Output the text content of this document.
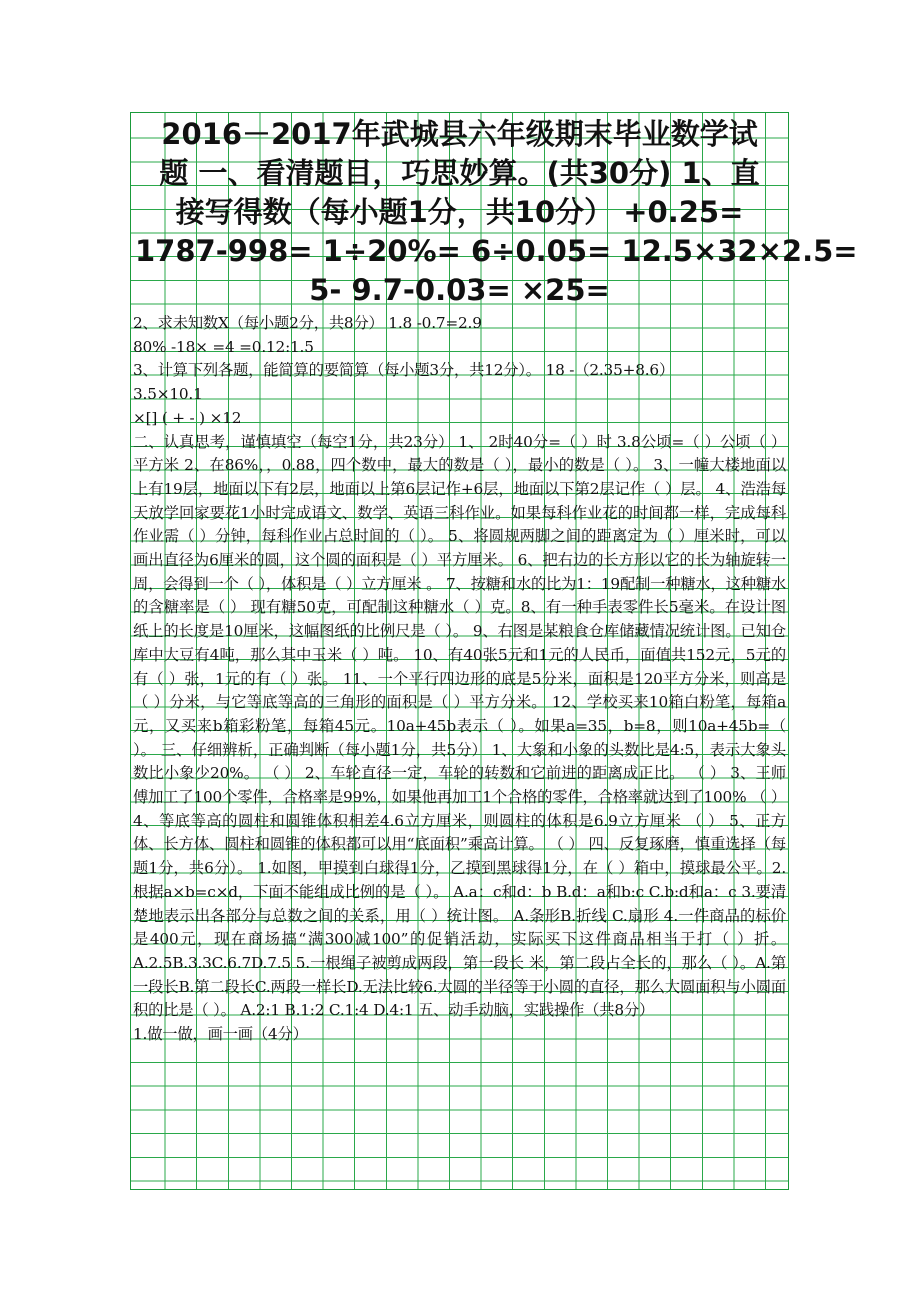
2016－2017年武城县六年级期末毕业数学试
题 一、看清题目，巧思妙算。(共30分) 1、直
接写得数（每小题1分，共10分） +0.25=
1787-998= 1÷20%= 6÷0.05= 12.5×32×2.5=
5- 9.7-0.03= ×25=
2、求未知数X（每小题2分，共8分） 1.8 -0.7=2.9
80% -18× =4 =0.12:1.5
3、计算下列各题，能简算的要简算（每小题3分，共12分）。 18 -（2.35+8.6）
3.5×10.1
×[] ( + - ) ×12
二、认真思考，谨慎填空（每空1分，共23分） 1、 2时40分=（ ）时 3.8公顷=（ ）公顷（ ）平方米 2、在86%，，0.88，四个数中，最大的数是（ ），最小的数是（ ）。 3、一幢大楼地面以上有19层，地面以下有2层，地面以上第6层记作+6层，地面以下第2层记作（ ）层。 4、浩浩每天放学回家要花1小时完成语文、数学、英语三科作业。如果每科作业花的时间都一样，完成每科作业需（ ）分钟，每科作业占总时间的（ ）。 5、将圆规两脚之间的距离定为（ ）厘米时，可以画出直径为6厘米的圆，这个圆的面积是（ ）平方厘米。 6、把右边的长方形以它的长为轴旋转一周，会得到一个（ ），体积是（ ）立方厘米 。 7、按糖和水的比为1：19配制一种糖水，这种糖水的含糖率是（ ） 现有糖50克，可配制这种糖水（ ）克。8、有一种手表零件长5毫米。在设计图纸上的长度是10厘米，这幅图纸的比例尺是（ ）。 9、右图是某粮食仓库储藏情况统计图。已知仓库中大豆有4吨，那么其中玉米（ ）吨。 10、有40张5元和1元的人民币，面值共152元，5元的有（ ）张，1元的有（ ）张。 11、一个平行四边形的底是5分米，面积是120平方分米，则高是（ ）分米，与它等底等高的三角形的面积是（ ）平方分米。 12、学校买来10箱白粉笔，每箱a元，又买来b箱彩粉笔，每箱45元。10a+45b表示（ ）。如果a=35，b=8，则10a+45b=（ ）。 三、仔细辨析，正确判断（每小题1分，共5分） 1、大象和小象的头数比是4:5，表示大象头数比小象少20%。 （ ） 2、车轮直径一定，车轮的转数和它前进的距离成正比。 （ ） 3、王师傅加工了100个零件，合格率是99%，如果他再加工1个合格的零件，合格率就达到了100% （ ）4、等底等高的圆柱和圆锥体积相差4.6立方厘米，则圆柱的体积是6.9立方厘米 （ ） 5、正方体、长方体、圆柱和圆锥的体积都可以用“底面积”乘高计算。 （ ） 四、反复琢磨，慎重选择（每题1分，共6分）。 1.如图，甲摸到白球得1分，乙摸到黑球得1分，在（ ）箱中，摸球最公平。2.根据a×b=c×d，下面不能组成比例的是（ ）。 A.a：c和d：b B.d：a和b:c C.b:d和a：c 3.要清楚地表示出各部分与总数之间的关系，用（ ）统计图。 A.条形B.折线 C.扇形 4.一件商品的标价是400元，现在商场搞“满300减100”的促销活动，实际买下这件商品相当于打（ ）折。A.2.5B.3.3C.6.7D.7.5 5.一根绳子被剪成两段，第一段长 米，第二段占全长的，那么（ ）。A.第一段长B.第二段长C.两段一样长D.无法比较6.大圆的半径等于小圆的直径，那么大圆面积与小圆面积的比是（ ）。 A.2:1 B.1:2 C.1:4 D.4:1 五、动手动脑，实践操作（共8分）
1.做一做，画一画（4分）
